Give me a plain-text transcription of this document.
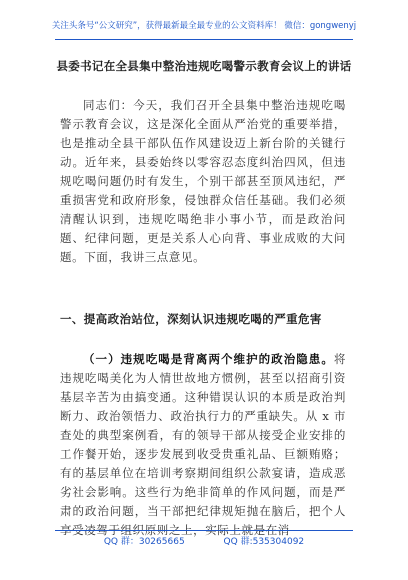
关注头条号“公文研究”，获得最新最全最专业的公文资料库！ 微信：gongwenyj
县委书记在全县集中整治违规吃喝警示教育会议上的讲话

同志们：今天，我们召开全县集中整治违规吃喝警示教育会议，这是深化全面从严治党的重要举措，也是推动全县干部队伍作风建设迈上新台阶的关键行动。近年来，县委始终以零容忍态度纠治四风，但违规吃喝问题仍时有发生，个别干部甚至顶风违纪，严重损害党和政府形象，侵蚀群众信任基础。我们必须清醒认识到，违规吃喝绝非小事小节，而是政治问题、纪律问题，更是关系人心向背、事业成败的大问题。下面，我讲三点意见。

一、提高政治站位，深刻认识违规吃喝的严重危害

（一）违规吃喝是背离两个维护的政治隐患。将违规吃喝美化为人情世故地方惯例，甚至以招商引资基层辛苦为由搞变通。这种错误认识的本质是政治判断力、政治领悟力、政治执行力的严重缺失。从 x 市查处的典型案例看，有的领导干部从接受企业安排的工作餐开始，逐步发展到收受贵重礼品、巨额贿赂；有的基层单位在培训考察期间组织公款宴请，造成恶劣社会影响。这些行为绝非简单的作风问题，而是严肃的政治问题，当干部把纪律规矩抛在脑后，把个人享受凌驾于组织原则之上，实际上就是在消

QQ 群：30265665	QQ 群:535304092
